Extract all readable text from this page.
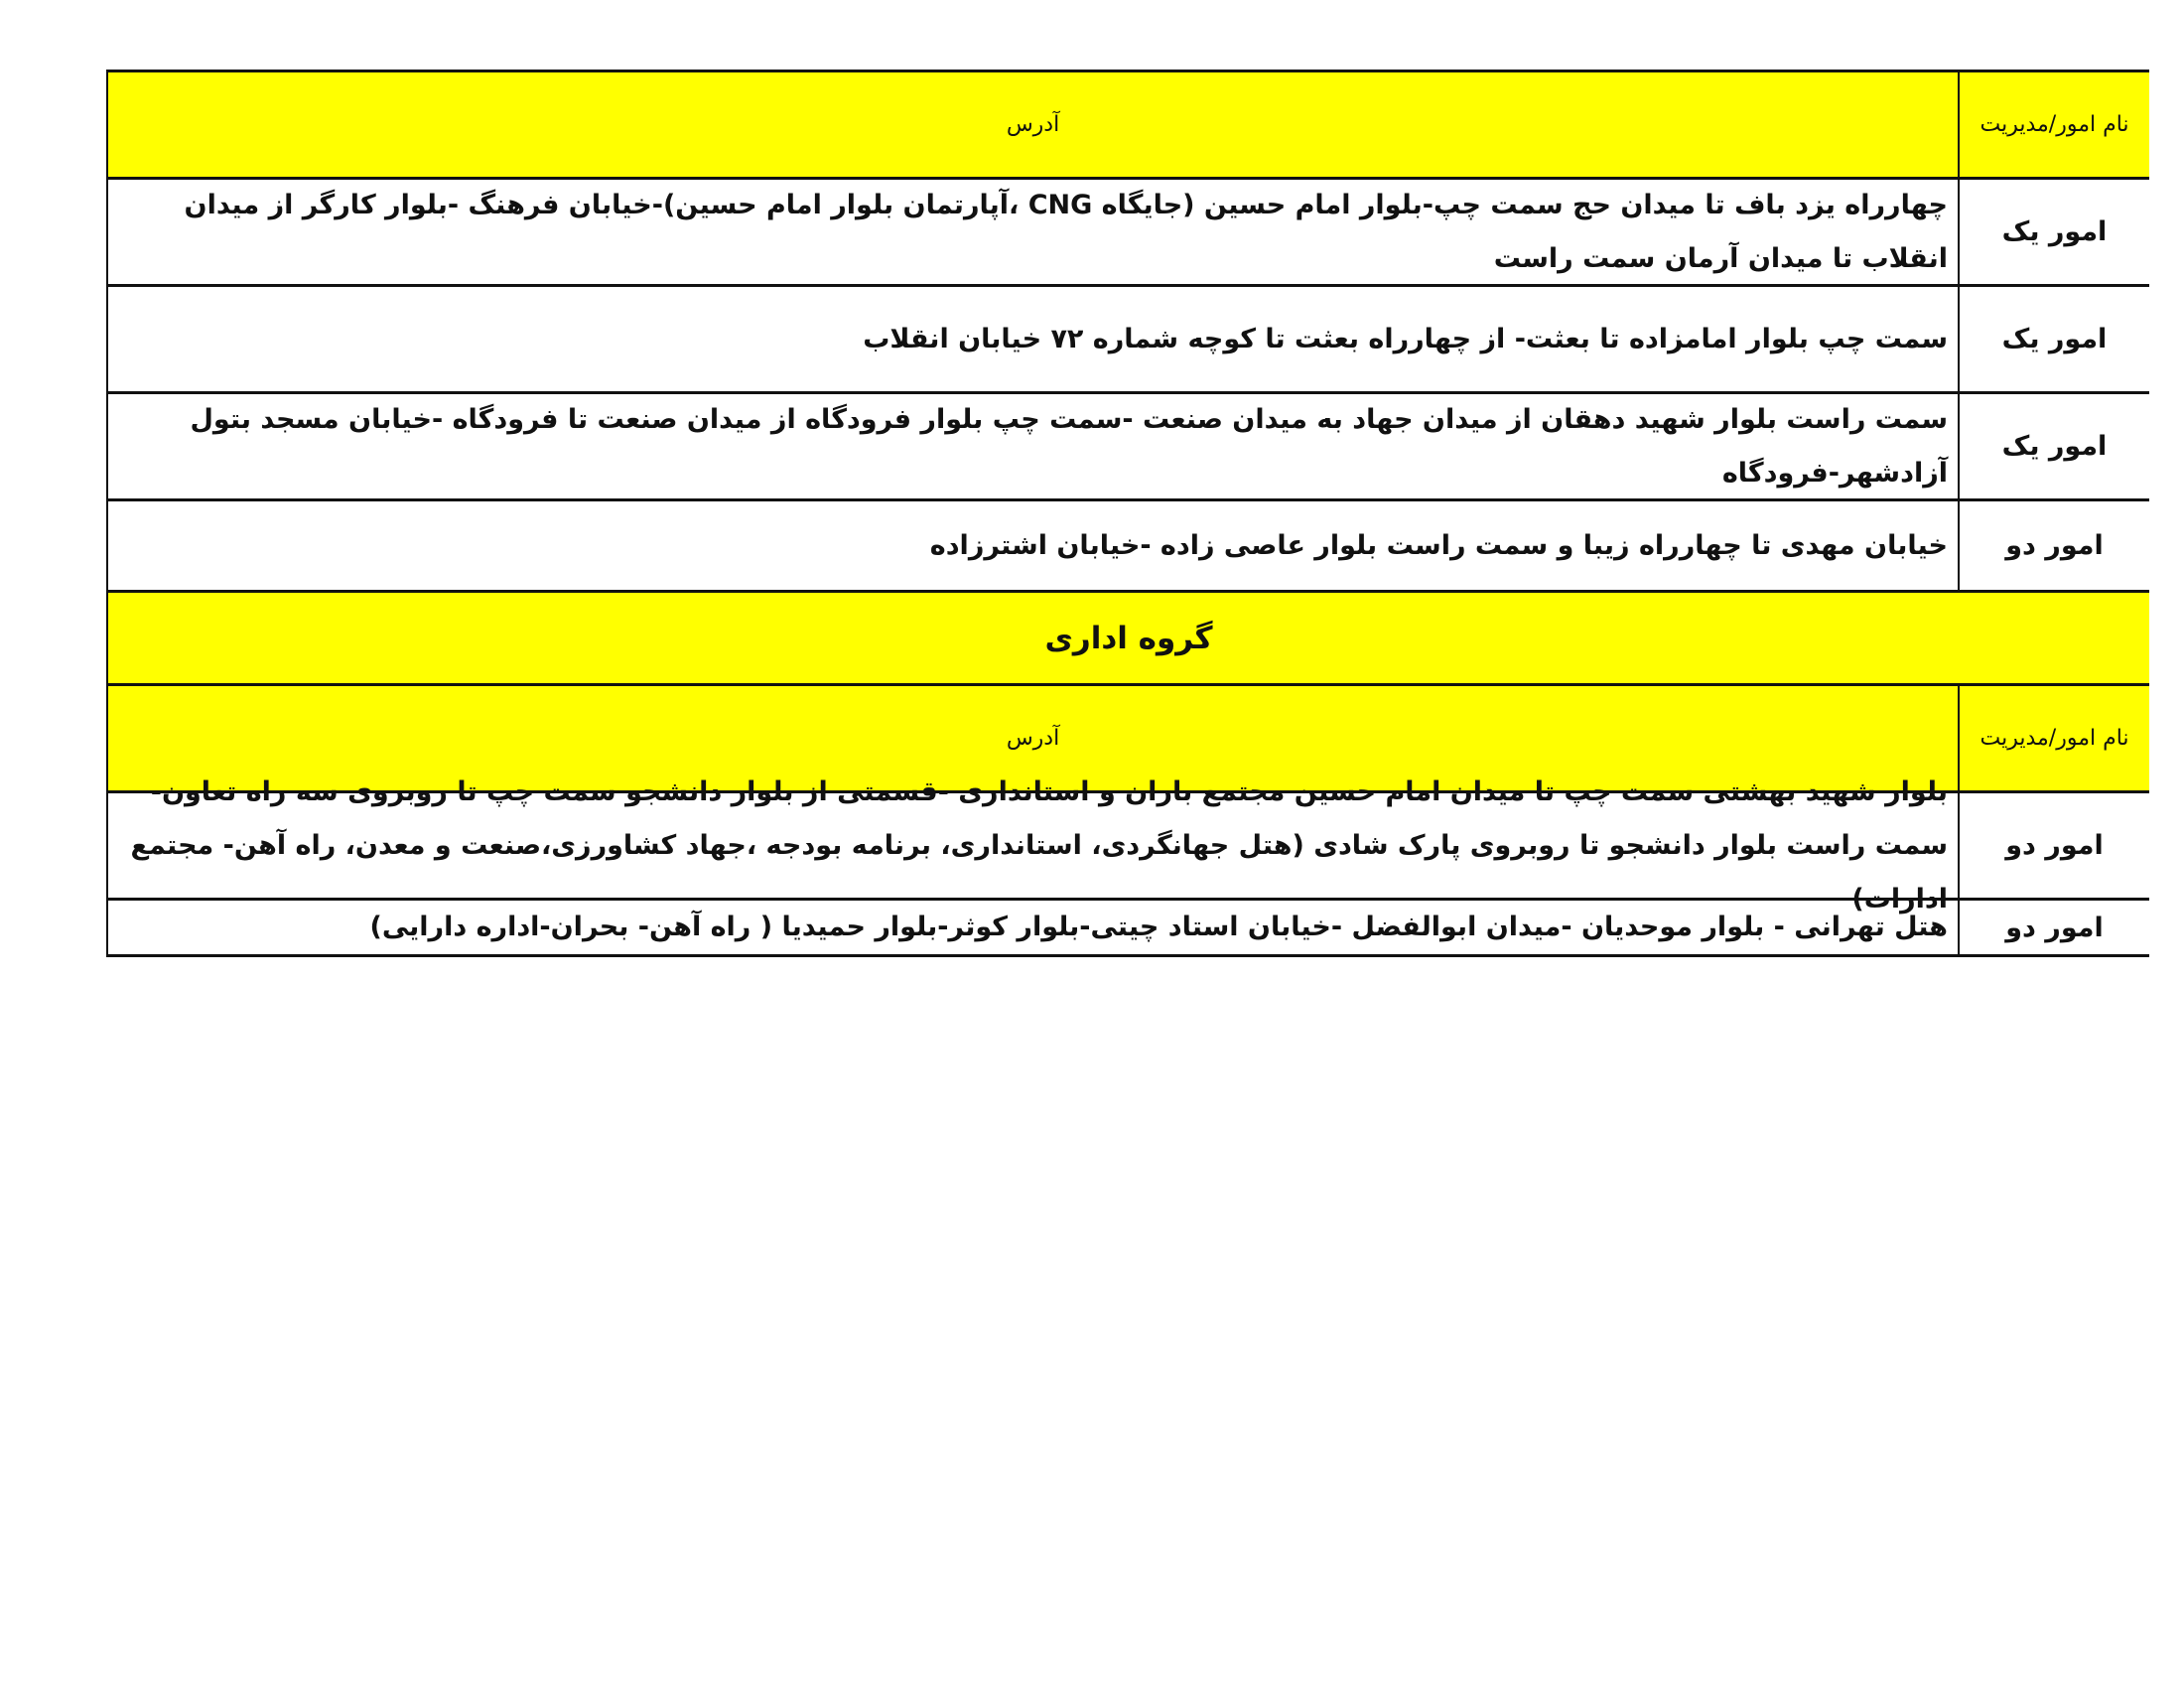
نام امور/مدیریت
آدرس
امور یک
چهارراه یزد باف تا میدان حج سمت چپ-بلوار امام حسین (جایگاه CNG ،آپارتمان بلوار امام حسین)-خیابان فرهنگ -بلوار کارگر از میدان انقلاب تا میدان آرمان سمت راست
امور یک
سمت چپ بلوار امامزاده تا بعثت- از چهارراه بعثت تا کوچه شماره ۷۲ خیابان انقلاب
امور یک
سمت راست بلوار شهید دهقان از میدان جهاد به میدان صنعت -سمت چپ بلوار فرودگاه از میدان صنعت تا فرودگاه -خیابان مسجد بتول آزادشهر-فرودگاه
امور دو
خیابان مهدی تا چهارراه زیبا و سمت راست بلوار عاصی زاده -خیابان اشترزاده
گروه اداری
نام امور/مدیریت
آدرس
امور دو
بلوار شهید بهشتی سمت چپ تا میدان امام حسین مجتمع باران و استانداری -قسمتی از بلوار دانشجو سمت چپ تا روبروی سه راه تعاون-سمت راست بلوار دانشجو تا روبروی پارک شادی (هتل جهانگردی، استانداری، برنامه بودجه ،جهاد کشاورزی،صنعت و معدن، راه آهن- مجتمع ادارات)
امور دو
هتل تهرانی - بلوار موحدیان -میدان ابوالفضل -خیابان استاد چیتی-بلوار کوثر-بلوار حمیدیا ( راه آهن- بحران-اداره دارایی)
